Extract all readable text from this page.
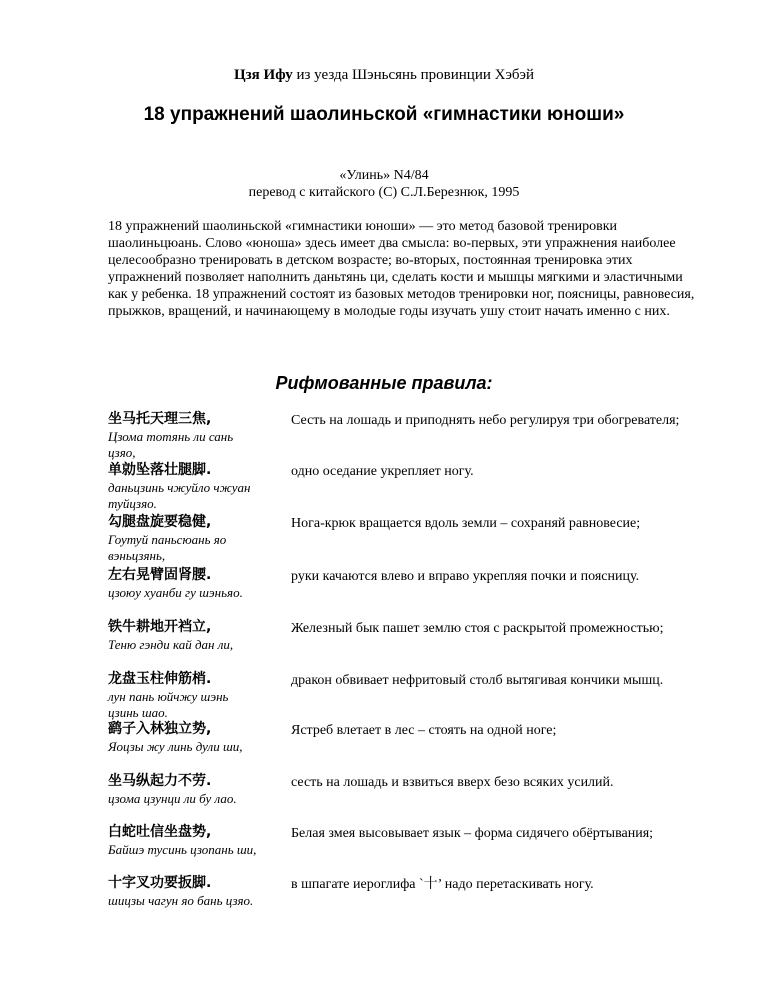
Цзя Ифу из уезда Шэньсянь провинции Хэбэй
18 упражнений шаолиньской «гимнастики юноши»
«Улинь» N4/84
перевод с китайского (С) С.Л.Березнюк, 1995
18 упражнений шаолиньской «гимнастики юноши» — это метод базовой тренировки шаолиньцюань. Слово «юноша» здесь имеет два смысла: во-первых, эти упражнения наиболее целесообразно тренировать в детском возрасте; во-вторых, постоянная тренировка этих упражнений позволяет наполнить даньтянь ци, сделать кости и мышцы мягкими и эластичными как у ребенка. 18 упражнений состоят из базовых методов тренировки ног, поясницы, равновесия, прыжков, вращений, и начинающему в молодые годы изучать ушу стоит начать именно с них.
Рифмованные правила:
坐马托天理三焦,
Цзома тотянь ли сань цзяо,
Сесть на лошадь и приподнять небо регулируя три обогревателя;
单勍坠落壮腿脚.
даньцзинь чжуйло чжуан туйцзяо.
одно оседание укрепляет ногу.
勾腿盘旋要稳健,
Гоутуй паньсюань яо вэньцзянь,
Нога-крюк вращается вдоль земли – сохраняй равновесие;
左右晃臂固肾腰.
цзоюу хуанби гу шэньяо.
руки качаются влево и вправо укрепляя почки и поясницу.
铁牛耕地开裆立,
Теню гэнди кай дан ли,
Железный бык пашет землю стоя с раскрытой промежностью;
龙盘玉柱伸筋梢.
лун пань юйчжу шэнь цзинь шао.
дракон обвивает нефритовый столб вытягивая кончики мышц.
鹞子入林独立势,
Яоцзы жу линь дули ши,
Ястреб влетает в лес – стоять на одной ноге;
坐马纵起力不劳.
цзома цзунци ли бу лао.
сесть на лошадь и взвиться вверх безо всяких усилий.
白蛇吐信坐盘势,
Байшэ тусинь цзопань ши,
Белая змея высовывает язык – форма сидячего обёртывания;
十字叉功要扳脚.
шицзы чагун яо бань цзяо.
в шпагате иероглифа `十’ надо перетаскивать ногу.
